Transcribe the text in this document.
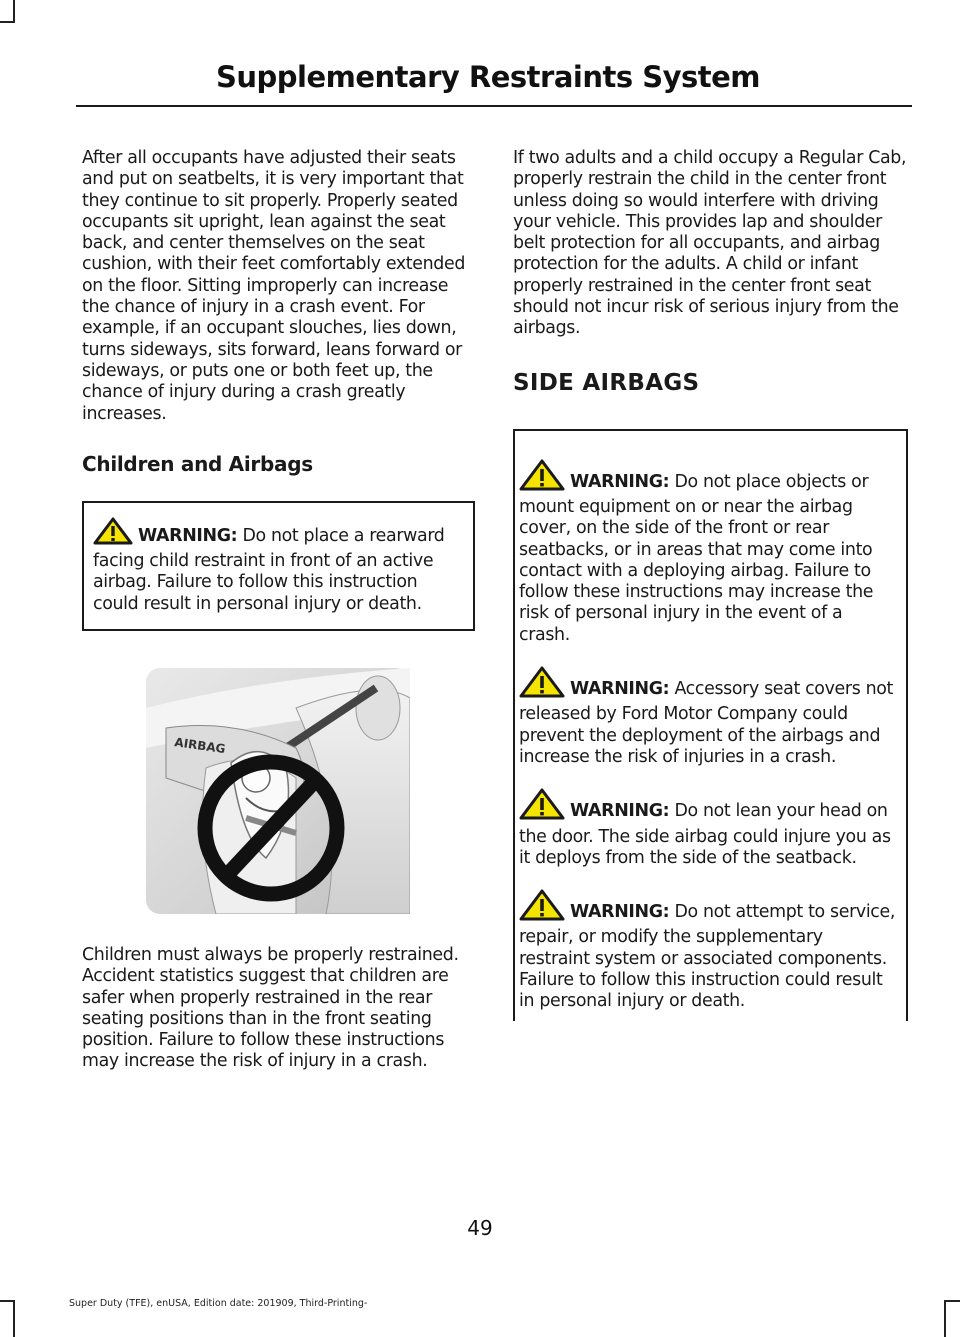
Supplementary Restraints System

After all occupants have adjusted their seats and put on seatbelts, it is very important that they continue to sit properly. Properly seated occupants sit upright, lean against the seat back, and center themselves on the seat cushion, with their feet comfortably extended on the floor. Sitting improperly can increase the chance of injury in a crash event. For example, if an occupant slouches, lies down, turns sideways, sits forward, leans forward or sideways, or puts one or both feet up, the chance of injury during a crash greatly increases.

Children and Airbags

WARNING: Do not place a rearward facing child restraint in front of an active airbag. Failure to follow this instruction could result in personal injury or death.

AIRBAG

Children must always be properly restrained. Accident statistics suggest that children are safer when properly restrained in the rear seating positions than in the front seating position. Failure to follow these instructions may increase the risk of injury in a crash.

If two adults and a child occupy a Regular Cab, properly restrain the child in the center front unless doing so would interfere with driving your vehicle. This provides lap and shoulder belt protection for all occupants, and airbag protection for the adults. A child or infant properly restrained in the center front seat should not incur risk of serious injury from the airbags.

SIDE AIRBAGS

WARNING: Do not place objects or mount equipment on or near the airbag cover, on the side of the front or rear seatbacks, or in areas that may come into contact with a deploying airbag. Failure to follow these instructions may increase the risk of personal injury in the event of a crash.

WARNING: Accessory seat covers not released by Ford Motor Company could prevent the deployment of the airbags and increase the risk of injuries in a crash.

WARNING: Do not lean your head on the door. The side airbag could injure you as it deploys from the side of the seatback.

WARNING: Do not attempt to service, repair, or modify the supplementary restraint system or associated components. Failure to follow this instruction could result in personal injury or death.

49
Super Duty (TFE), enUSA, Edition date: 201909, Third-Printing-
